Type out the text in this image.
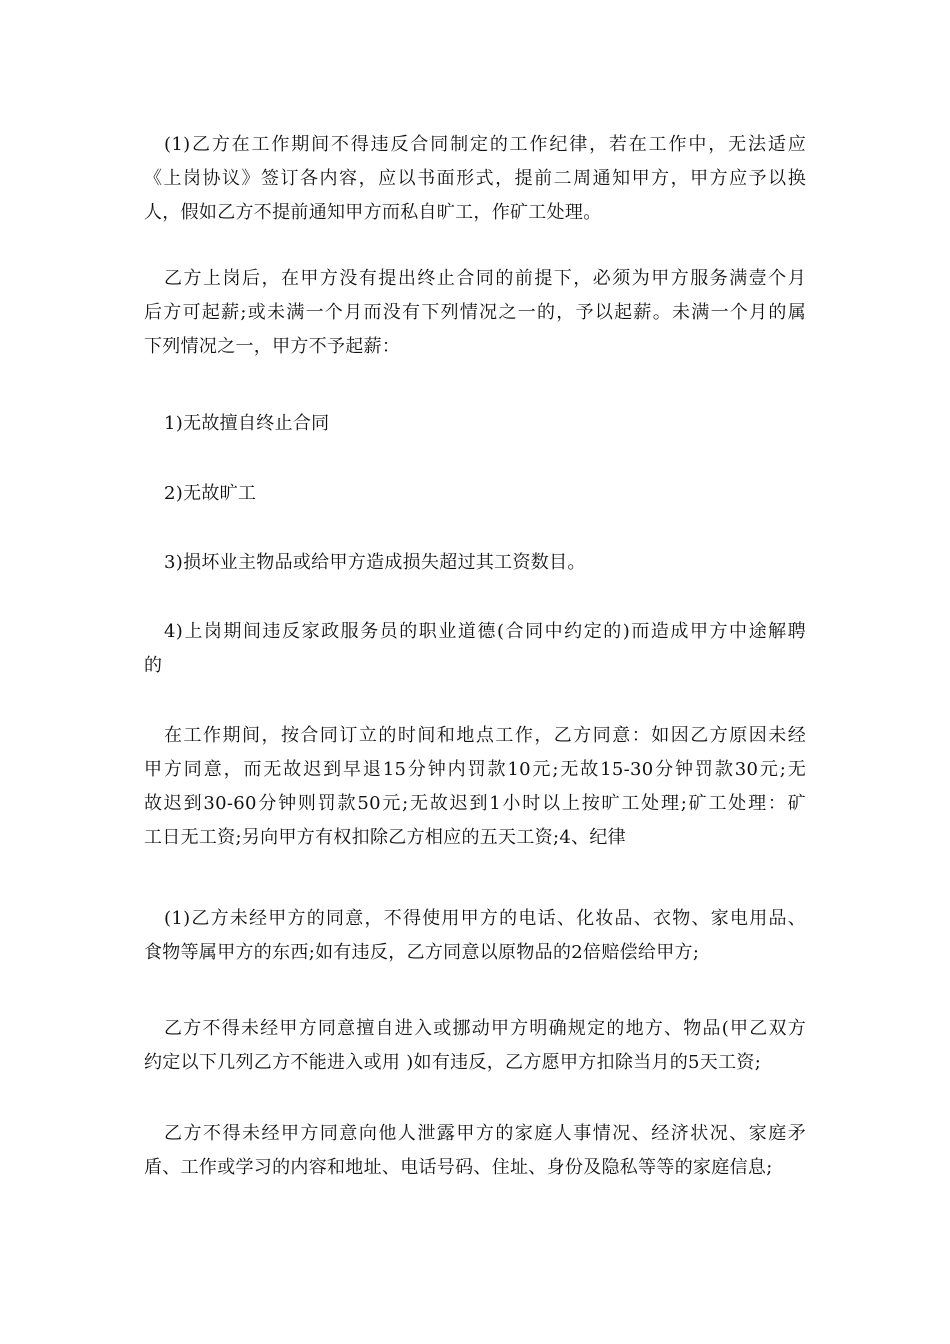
(1)乙方在工作期间不得违反合同制定的工作纪律，若在工作中，无法适应
《上岗协议》签订各内容，应以书面形式，提前二周通知甲方，甲方应予以换
人，假如乙方不提前通知甲方而私自旷工，作矿工处理。
乙方上岗后，在甲方没有提出终止合同的前提下，必须为甲方服务满壹个月
后方可起薪;或未满一个月而没有下列情况之一的，予以起薪。未满一个月的属
下列情况之一，甲方不予起薪：
1)无故擅自终止合同
2)无故旷工
3)损坏业主物品或给甲方造成损失超过其工资数目。
4)上岗期间违反家政服务员的职业道德(合同中约定的)而造成甲方中途解聘
的
在工作期间，按合同订立的时间和地点工作，乙方同意：如因乙方原因未经
甲方同意，而无故迟到早退15分钟内罚款10元;无故15-30分钟罚款30元;无
故迟到30-60分钟则罚款50元;无故迟到1小时以上按旷工处理;矿工处理：矿
工日无工资;另向甲方有权扣除乙方相应的五天工资;4、纪律
(1)乙方未经甲方的同意，不得使用甲方的电话、化妆品、衣物、家电用品、
食物等属甲方的东西;如有违反，乙方同意以原物品的2倍赔偿给甲方;
乙方不得未经甲方同意擅自进入或挪动甲方明确规定的地方、物品(甲乙双方
约定以下几列乙方不能进入或用 )如有违反，乙方愿甲方扣除当月的5天工资;
乙方不得未经甲方同意向他人泄露甲方的家庭人事情况、经济状况、家庭矛
盾、工作或学习的内容和地址、电话号码、住址、身份及隐私等等的家庭信息;
